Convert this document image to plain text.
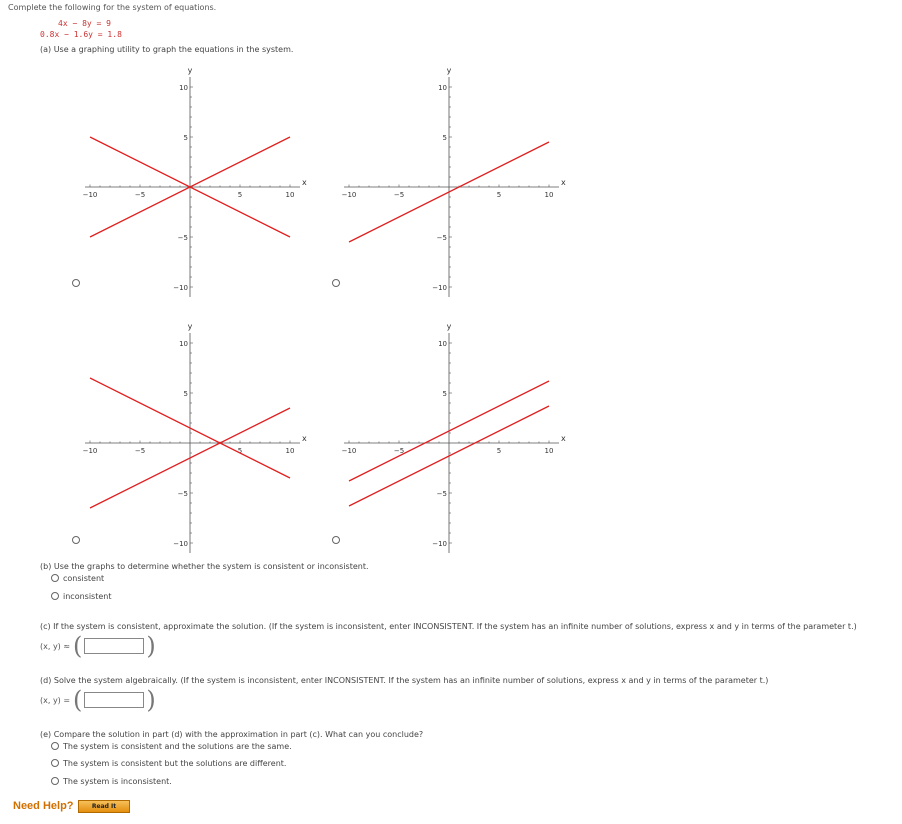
Complete the following for the system of equations.
4x − 8y = 9
0.8x − 1.6y = 1.8
(a) Use a graphing utility to graph the equations in the system.
−10	−5	5	10
10
5
−5
−10
x
y
−10	−5	5	10
10
5
−5
−10
x
y
−10	−5	5	10
10
5
−5
−10
x
y
−10	−5	5	10
10
5
−5
−10
x
y
(b) Use the graphs to determine whether the system is consistent or inconsistent.
consistent
inconsistent
(c) If the system is consistent, approximate the solution. (If the system is inconsistent, enter INCONSISTENT. If the system has an infinite number of solutions, express x and y in terms of the parameter t.)
(x, y) ≈ (	)
(d) Solve the system algebraically. (If the system is inconsistent, enter INCONSISTENT. If the system has an infinite number of solutions, express x and y in terms of the parameter t.)
(x, y) = (	)
(e) Compare the solution in part (d) with the approximation in part (c). What can you conclude?
The system is consistent and the solutions are the same.
The system is consistent but the solutions are different.
The system is inconsistent.
Need Help?	Read It
